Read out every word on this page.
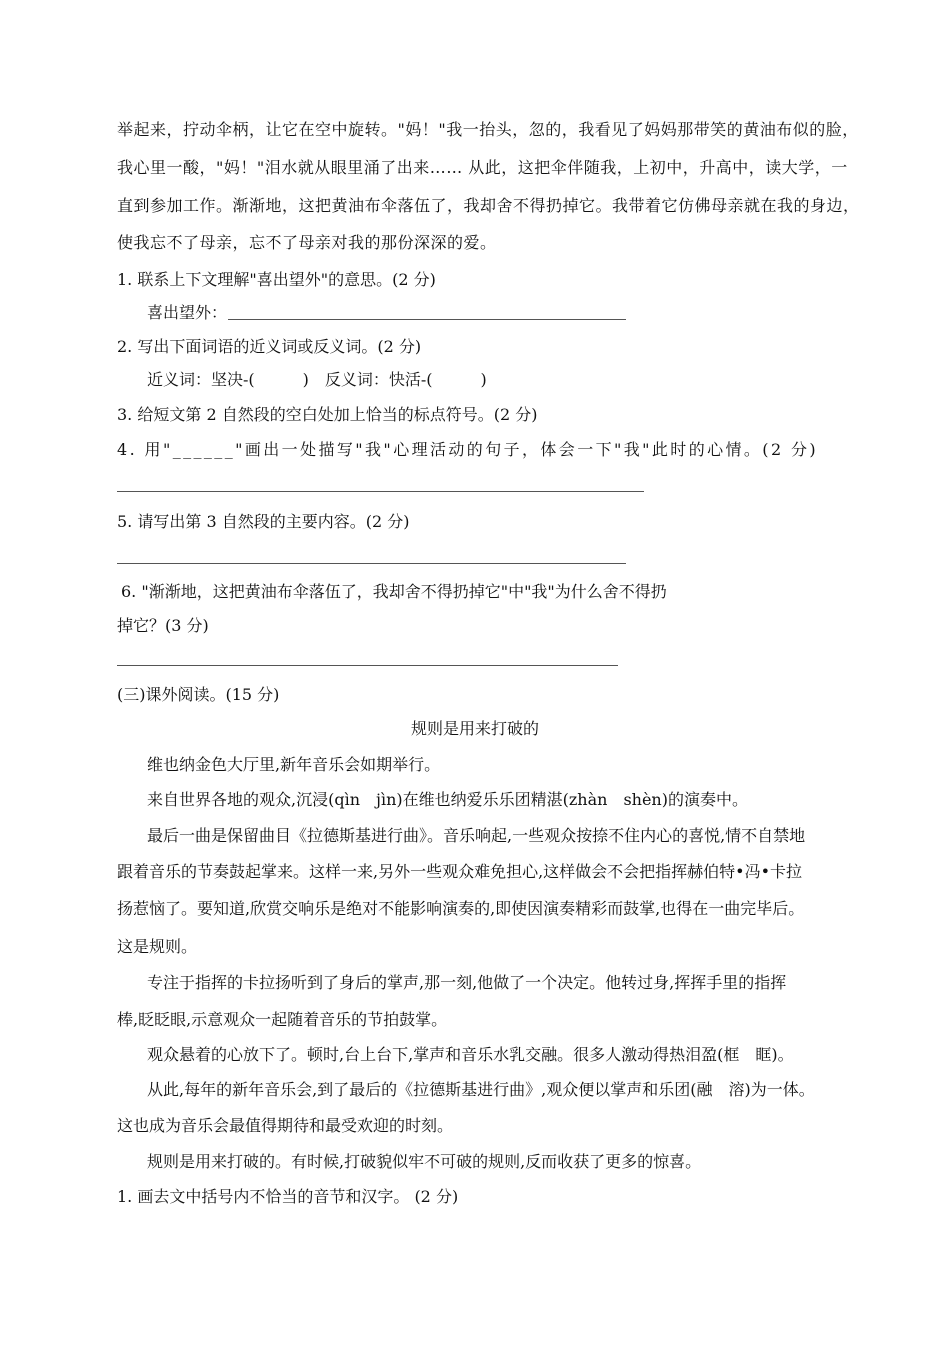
举起来，拧动伞柄，让它在空中旋转。"妈！"我一抬头，忽的，我看见了妈妈那带笑的黄油布似的脸，
我心里一酸，"妈！"泪水就从眼里涌了出来…… 从此，这把伞伴随我，上初中，升高中，读大学，一
直到参加工作。渐渐地，这把黄油布伞落伍了，我却舍不得扔掉它。我带着它仿佛母亲就在我的身边，
使我忘不了母亲，忘不了母亲对我的那份深深的爱。
1. 联系上下文理解"喜出望外"的意思。(2 分)
喜出望外：
2. 写出下面词语的近义词或反义词。(2 分)
近义词：坚决-(　　　)　反义词：快活-(　　　)
3. 给短文第 2 自然段的空白处加上恰当的标点符号。(2 分)
4. 用"______"画出一处描写"我"心理活动的句子，体会一下"我"此时的心情。(2 分)
5. 请写出第 3 自然段的主要内容。(2 分)
6. "渐渐地，这把黄油布伞落伍了，我却舍不得扔掉它"中"我"为什么舍不得扔
掉它？(3 分)
(三)课外阅读。(15 分)
规则是用来打破的
维也纳金色大厅里,新年音乐会如期举行。
来自世界各地的观众,沉浸(qìn　jìn)在维也纳爱乐乐团精湛(zhàn　shèn)的演奏中。
最后一曲是保留曲目《拉德斯基进行曲》。音乐响起,一些观众按捺不住内心的喜悦,情不自禁地
跟着音乐的节奏鼓起掌来。这样一来,另外一些观众难免担心,这样做会不会把指挥赫伯特•冯•卡拉
扬惹恼了。要知道,欣赏交响乐是绝对不能影响演奏的,即使因演奏精彩而鼓掌,也得在一曲完毕后。
这是规则。
专注于指挥的卡拉扬听到了身后的掌声,那一刻,他做了一个决定。他转过身,挥挥手里的指挥
棒,眨眨眼,示意观众一起随着音乐的节拍鼓掌。
观众悬着的心放下了。顿时,台上台下,掌声和音乐水乳交融。很多人激动得热泪盈(框　眶)。
从此,每年的新年音乐会,到了最后的《拉德斯基进行曲》,观众便以掌声和乐团(融　溶)为一体。
这也成为音乐会最值得期待和最受欢迎的时刻。
规则是用来打破的。有时候,打破貌似牢不可破的规则,反而收获了更多的惊喜。
1. 画去文中括号内不恰当的音节和汉字。 (2 分)
